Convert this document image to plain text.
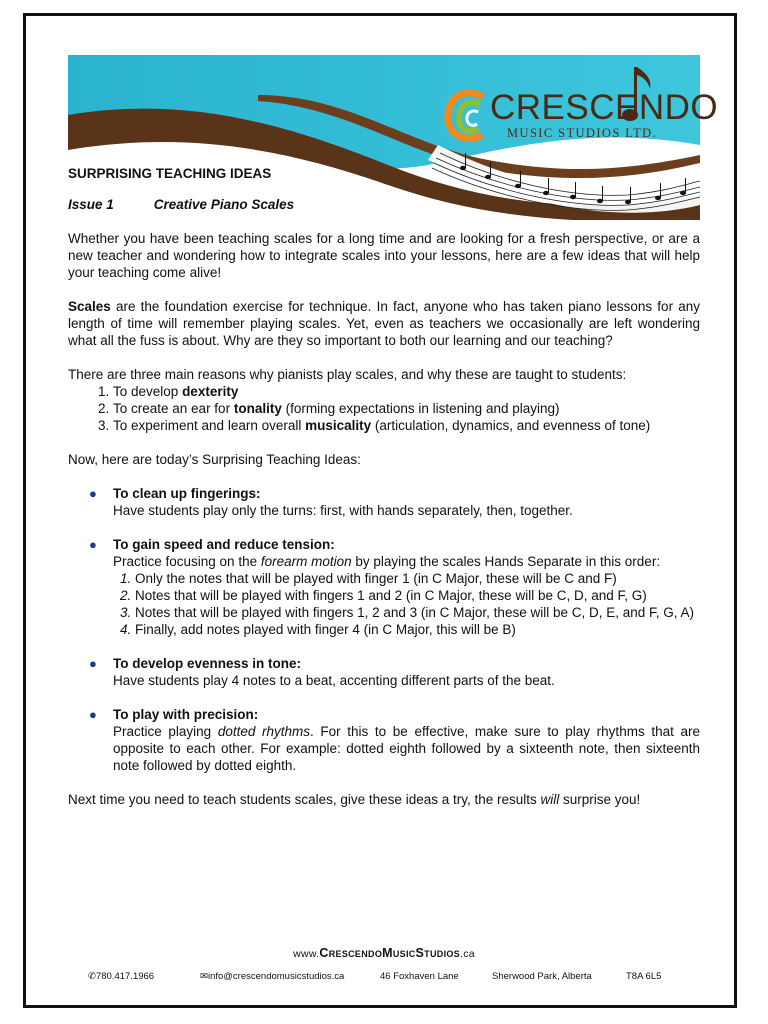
CRESCENDO
MUSIC STUDIOS LTD.
SURPRISING TEACHING IDEAS
Issue 1	Creative Piano Scales

Whether you have been teaching scales for a long time and are looking for a fresh perspective, or are a new teacher and wondering how to integrate scales into your lessons, here are a few ideas that will help your teaching come alive!

Scales are the foundation exercise for technique. In fact, anyone who has taken piano lessons for any length of time will remember playing scales. Yet, even as teachers we occasionally are left wondering what all the fuss is about. Why are they so important to both our learning and our teaching?

There are three main reasons why pianists play scales, and why these are taught to students:

1. To develop dexterity
2. To create an ear for tonality (forming expectations in listening and playing)
3. To experiment and learn overall musicality (articulation, dynamics, and evenness of tone)

Now, here are today’s Surprising Teaching Ideas:

● To clean up fingerings:
Have students play only the turns: first, with hands separately, then, together.
● To gain speed and reduce tension:
Practice focusing on the forearm motion by playing the scales Hands Separate in this order:
1. Only the notes that will be played with finger 1 (in C Major, these will be C and F)
2. Notes that will be played with fingers 1 and 2 (in C Major, these will be C, D, and F, G)
3. Notes that will be played with fingers 1, 2 and 3 (in C Major, these will be C, D, E, and F, G, A)
4. Finally, add notes played with finger 4 (in C Major, this will be B)
● To develop evenness in tone:
Have students play 4 notes to a beat, accenting different parts of the beat.
● To play with precision:

Practice playing dotted rhythms. For this to be effective, make sure to play rhythms that are opposite to each other. For example: dotted eighth followed by a sixteenth note, then sixteenth note followed by dotted eighth.

Next time you need to teach students scales, give these ideas a try, the results will surprise you!

www.CrescendoMusicStudios.ca
✆780.417.1966	✉info@crescendomusicstudios.ca	46 Foxhaven Lane	Sherwood Park, Alberta	T8A 6L5
